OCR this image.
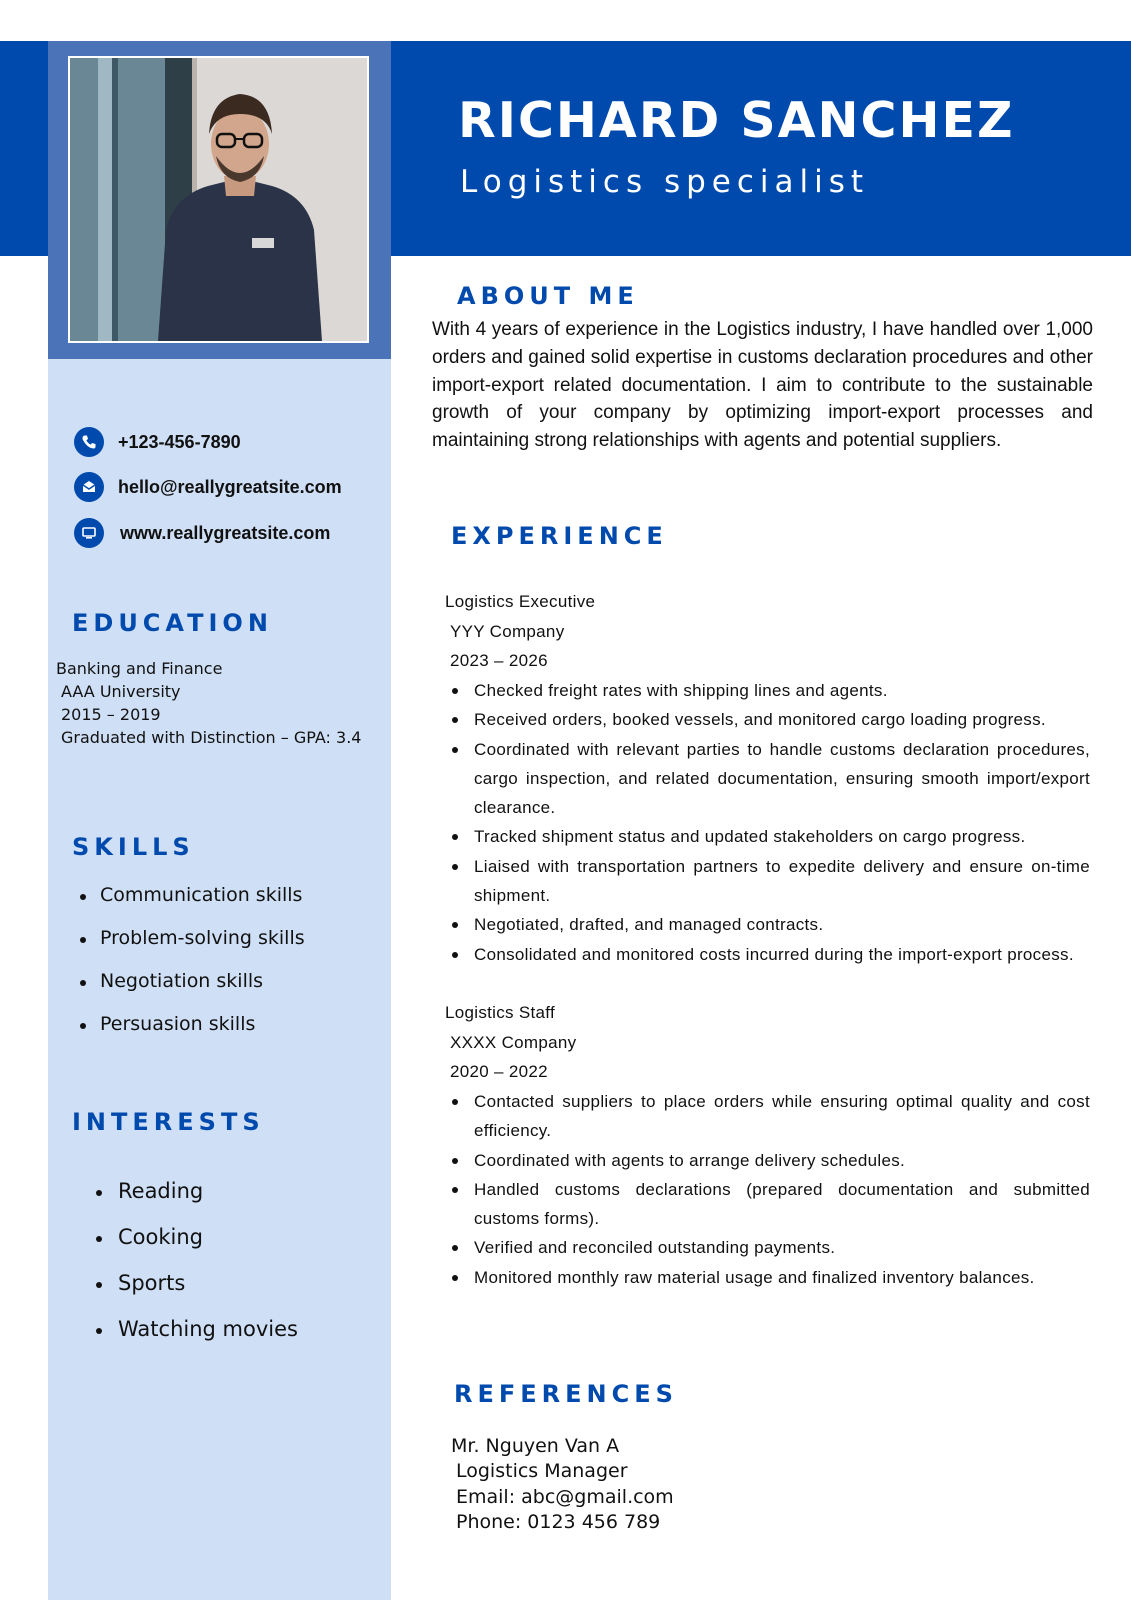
RICHARD SANCHEZ
Logistics specialist
+123-456-7890
hello@reallygreatsite.com
www.reallygreatsite.com
EDUCATION
Banking and Finance
AAA University
2015 – 2019
Graduated with Distinction – GPA: 3.4
SKILLS
Communication skills
Problem-solving skills
Negotiation skills
Persuasion skills
INTERESTS
Reading
Cooking
Sports
Watching movies
ABOUT ME

With 4 years of experience in the Logistics industry, I have handled over 1,000 orders and gained solid expertise in customs declaration procedures and other import-export related documentation. I aim to contribute to the sustainable growth of your company by optimizing import-export processes and maintaining strong relationships with agents and potential suppliers.

EXPERIENCE
Logistics Executive
YYY Company
2023 – 2026
Checked freight rates with shipping lines and agents.
Received orders, booked vessels, and monitored cargo loading progress.
Coordinated with relevant parties to handle customs declaration procedures, cargo inspection, and related documentation, ensuring smooth import/export clearance.
Tracked shipment status and updated stakeholders on cargo progress.
Liaised with transportation partners to expedite delivery and ensure on-time shipment.
Negotiated, drafted, and managed contracts.
Consolidated and monitored costs incurred during the import-export process.
Logistics Staff
XXXX Company
2020 – 2022
Contacted suppliers to place orders while ensuring optimal quality and cost efficiency.
Coordinated with agents to arrange delivery schedules.
Handled customs declarations (prepared documentation and submitted customs forms).
Verified and reconciled outstanding payments.
Monitored monthly raw material usage and finalized inventory balances.
REFERENCES
Mr. Nguyen Van A
Logistics Manager
Email: abc@gmail.com
Phone: 0123 456 789
